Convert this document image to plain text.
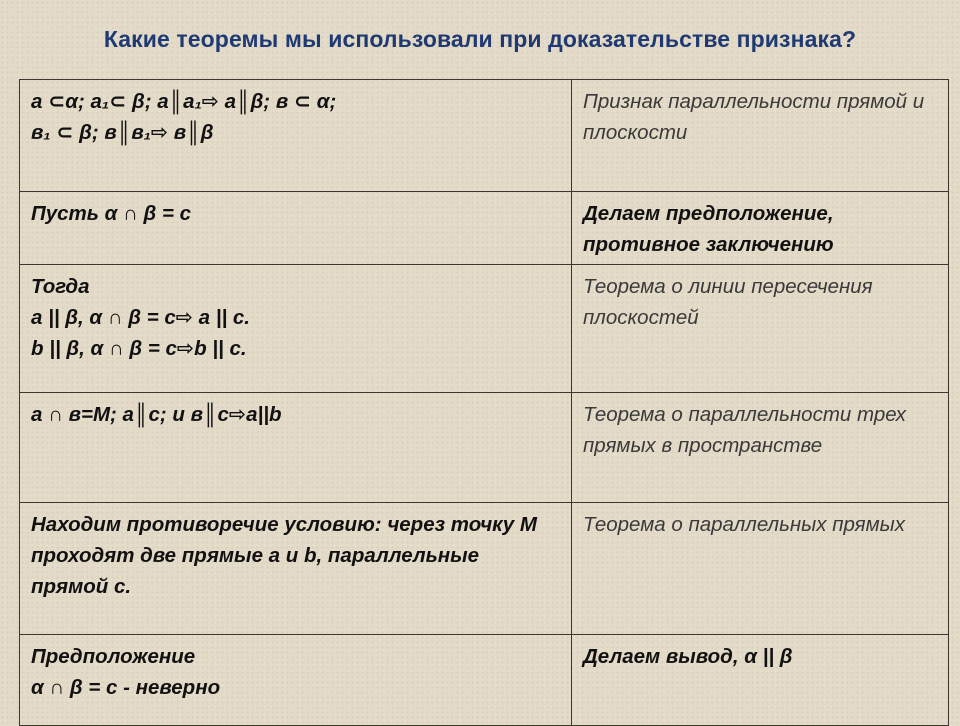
Какие теоремы мы использовали при доказательстве признака?
а ⊂α; а₁⊂ β; а║а₁⇨ а║β; в ⊂ α;
в₁ ⊂ β; в║в₁⇨ в║β	Признак параллельности прямой и плоскости

Пусть α ∩ β = с	Делаем предположение, противное заключению

Тогда
а || β, α ∩ β = с⇨ а || с.
b || β, α ∩ β = с⇨b || с.	Теорема о линии пересечения плоскостей

а ∩ в=М; а║с; и в║с⇨а||b	Теорема о параллельности трех прямых в пространстве
Находим противоречие условию: через точку М проходят две прямые а и b, параллельные прямой с.	Теорема о параллельных прямых

Предположение
α ∩ β = с - неверно	Делаем вывод, α || β
